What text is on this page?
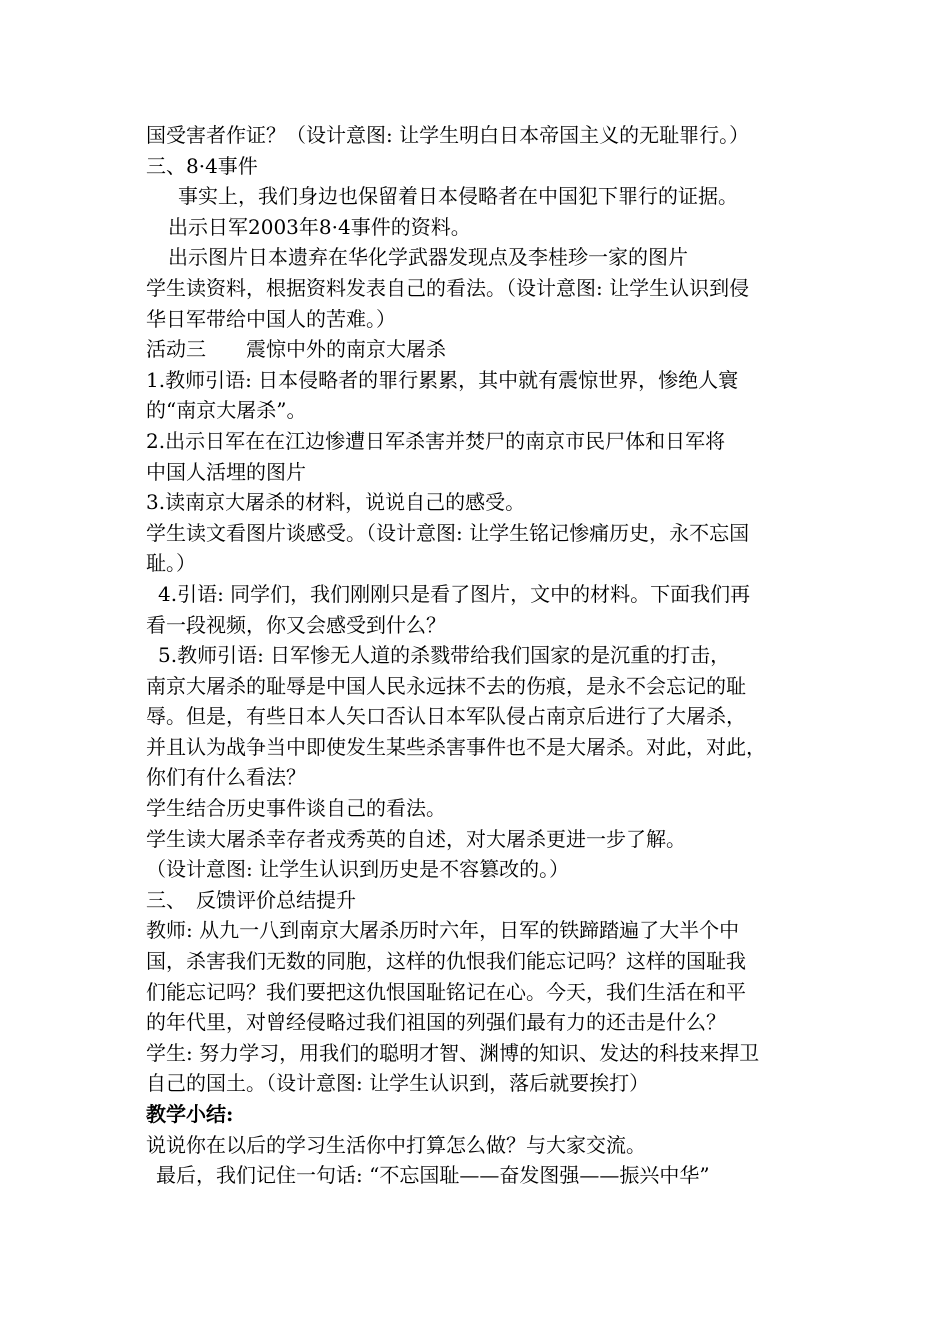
国受害者作证？（设计意图: 让学生明白日本帝国主义的无耻罪行。）
三、8·4事件
事实上，我们身边也保留着日本侵略者在中国犯下罪行的证据。
出示日军2003年8·4事件的资料。
出示图片日本遗弃在华化学武器发现点及李桂珍一家的图片
学生读资料，根据资料发表自己的看法。（设计意图: 让学生认识到侵
华日军带给中国人的苦难。）
活动三　　震惊中外的南京大屠杀
1.教师引语: 日本侵略者的罪行累累，其中就有震惊世界，惨绝人寰
的“南京大屠杀”。
2.出示日军在在江边惨遭日军杀害并焚尸的南京市民尸体和日军将
中国人活埋的图片
3.读南京大屠杀的材料，说说自己的感受。
学生读文看图片谈感受。（设计意图: 让学生铭记惨痛历史，永不忘国
耻。）
4.引语: 同学们，我们刚刚只是看了图片，文中的材料。下面我们再
看一段视频，你又会感受到什么？
5.教师引语: 日军惨无人道的杀戮带给我们国家的是沉重的打击，
南京大屠杀的耻辱是中国人民永远抹不去的伤痕，是永不会忘记的耻
辱。但是，有些日本人矢口否认日本军队侵占南京后进行了大屠杀，
并且认为战争当中即使发生某些杀害事件也不是大屠杀。对此，对此，
你们有什么看法？
学生结合历史事件谈自己的看法。
学生读大屠杀幸存者戎秀英的自述，对大屠杀更进一步了解。
（设计意图: 让学生认识到历史是不容篡改的。）
三、　反馈评价总结提升
教师: 从九一八到南京大屠杀历时六年，日军的铁蹄踏遍了大半个中
国，杀害我们无数的同胞，这样的仇恨我们能忘记吗？这样的国耻我
们能忘记吗？我们要把这仇恨国耻铭记在心。今天，我们生活在和平
的年代里，对曾经侵略过我们祖国的列强们最有力的还击是什么？
学生: 努力学习，用我们的聪明才智、渊博的知识、发达的科技来捍卫
自己的国土。（设计意图: 让学生认识到，落后就要挨打）
教学小结:
说说你在以后的学习生活你中打算怎么做？与大家交流。
最后，我们记住一句话: “不忘国耻——奋发图强——振兴中华”
